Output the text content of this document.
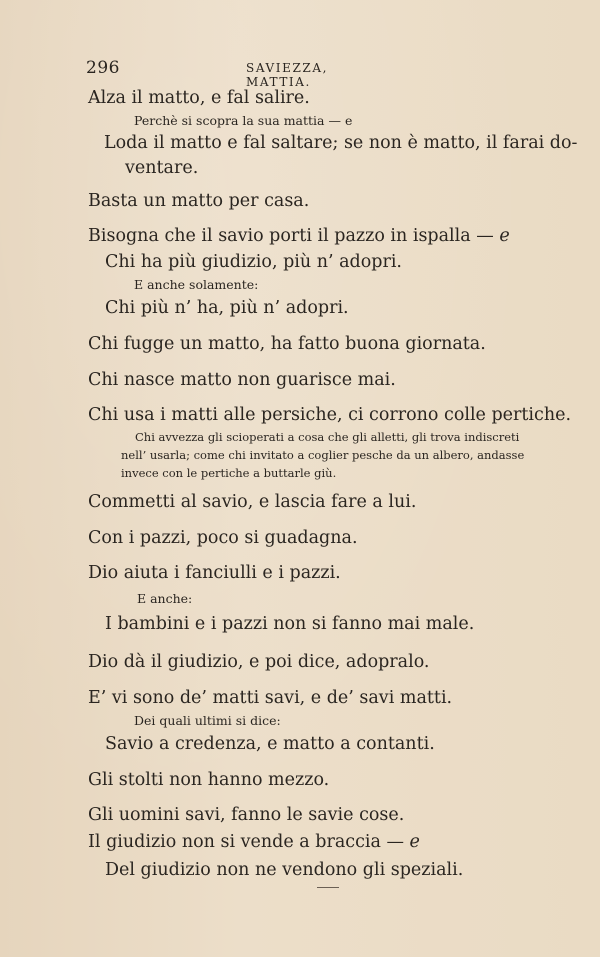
296	SAVIEZZA, MATTIA.
Alza il matto, e fal salire.
Perchè si scopra la sua mattia — e
Loda il matto e fal saltare; se non è matto, il farai do-
ventare.
Basta un matto per casa.
Bisogna che il savio porti il pazzo in ispalla — e
Chi ha più giudizio, più n’ adopri.
E anche solamente:
Chi più n’ ha, più n’ adopri.
Chi fugge un matto, ha fatto buona giornata.
Chi nasce matto non guarisce mai.
Chi usa i matti alle persiche, ci corrono colle pertiche.
Chi avvezza gli scioperati a cosa che gli alletti, gli trova indiscreti
nell’ usarla; come chi invitato a coglier pesche da un albero, andasse
invece con le pertiche a buttarle giù.
Commetti al savio, e lascia fare a lui.
Con i pazzi, poco si guadagna.
Dio aiuta i fanciulli e i pazzi.
E anche:
I bambini e i pazzi non si fanno mai male.
Dio dà il giudizio, e poi dice, adopralo.
E’ vi sono de’ matti savi, e de’ savi matti.
Dei quali ultimi si dice:
Savio a credenza, e matto a contanti.
Gli stolti non hanno mezzo.
Gli uomini savi, fanno le savie cose.
Il giudizio non si vende a braccia — e
Del giudizio non ne vendono gli speziali.
